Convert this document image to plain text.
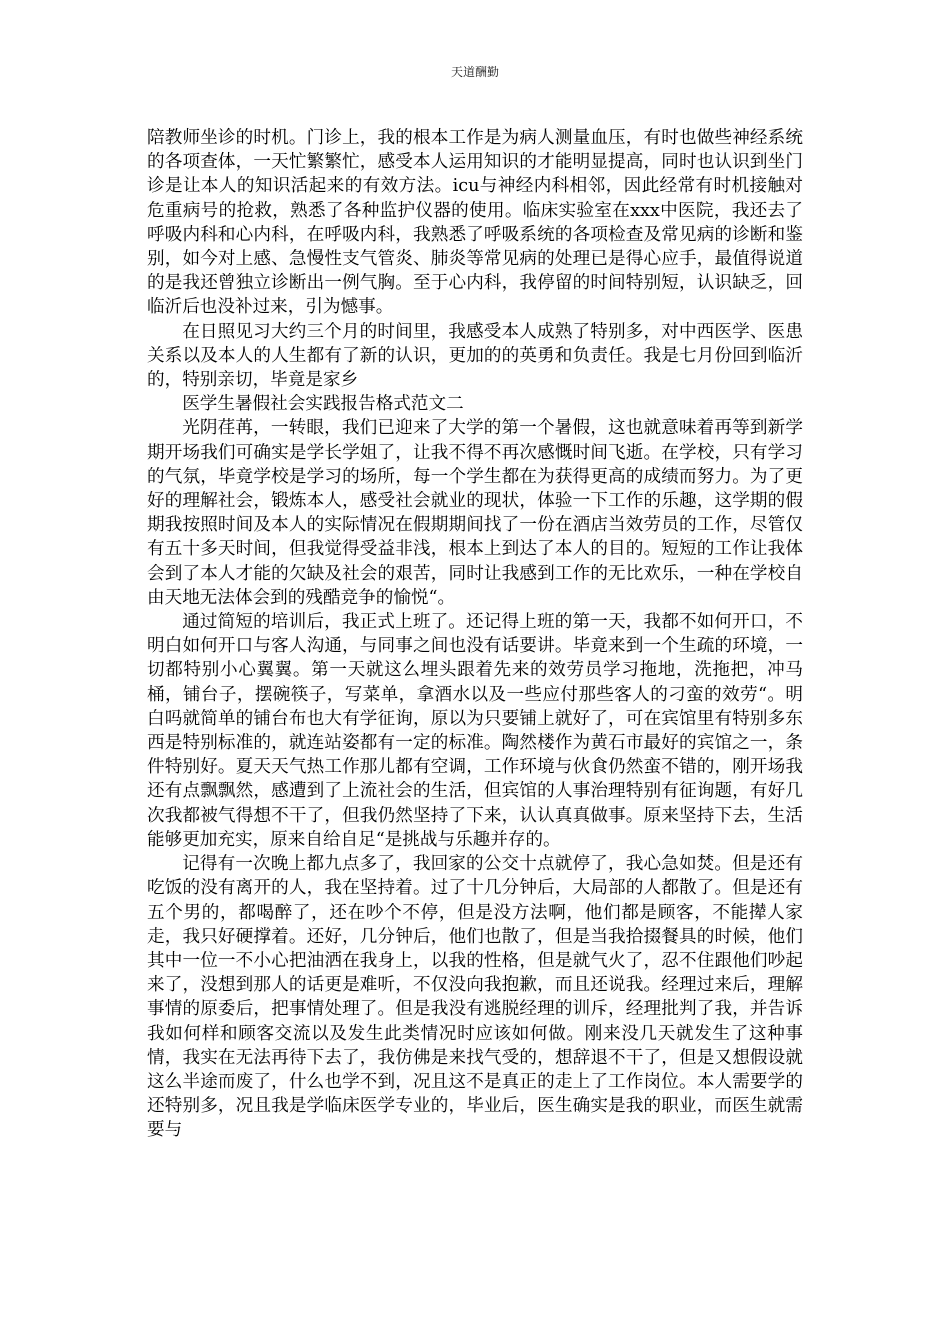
天道酬勤

陪教师坐诊的时机。门诊上，我的根本工作是为病人测量血压，有时也做些神经系统的各项查体，一天忙繁繁忙，感受本人运用知识的才能明显提高，同时也认识到坐门诊是让本人的知识活起来的有效方法。icu与神经内科相邻，因此经常有时机接触对危重病号的抢救，熟悉了各种监护仪器的使用。临床实验室在xxx中医院，我还去了呼吸内科和心内科，在呼吸内科，我熟悉了呼吸系统的各项检查及常见病的诊断和鉴别，如今对上感、急慢性支气管炎、肺炎等常见病的处理已是得心应手，最值得说道的是我还曾独立诊断出一例气胸。至于心内科，我停留的时间特别短，认识缺乏，回临沂后也没补过来，引为憾事。

在日照见习大约三个月的时间里，我感受本人成熟了特别多，对中西医学、医患关系以及本人的人生都有了新的认识，更加的的英勇和负责任。我是七月份回到临沂的，特别亲切，毕竟是家乡

医学生暑假社会实践报告格式范文二

光阴荏苒，一转眼，我们已迎来了大学的第一个暑假，这也就意味着再等到新学期开场我们可确实是学长学姐了，让我不得不再次感慨时间飞逝。在学校，只有学习的气氛，毕竟学校是学习的场所，每一个学生都在为获得更高的成绩而努力。为了更好的理解社会，锻炼本人，感受社会就业的现状，体验一下工作的乐趣，这学期的假期我按照时间及本人的实际情况在假期期间找了一份在酒店当效劳员的工作，尽管仅有五十多天时间，但我觉得受益非浅，根本上到达了本人的目的。短短的工作让我体会到了本人才能的欠缺及社会的艰苦，同时让我感到工作的无比欢乐，一种在学校自由天地无法体会到的残酷竞争的愉悦“。

通过简短的培训后，我正式上班了。还记得上班的第一天，我都不如何开口，不明白如何开口与客人沟通，与同事之间也没有话要讲。毕竟来到一个生疏的环境，一切都特别小心翼翼。第一天就这么埋头跟着先来的效劳员学习拖地，洗拖把，冲马桶，铺台子，摆碗筷子，写菜单，拿酒水以及一些应付那些客人的刁蛮的效劳“。明白吗就简单的铺台布也大有学征询，原以为只要铺上就好了，可在宾馆里有特别多东西是特别标准的，就连站姿都有一定的标准。陶然楼作为黄石市最好的宾馆之一，条件特别好。夏天天气热工作那儿都有空调，工作环境与伙食仍然蛮不错的，刚开场我还有点飘飘然，感遭到了上流社会的生活，但宾馆的人事治理特别有征询题，有好几次我都被气得想不干了，但我仍然坚持了下来，认认真真做事。原来坚持下去，生活能够更加充实，原来自给自足“是挑战与乐趣并存的。

记得有一次晚上都九点多了，我回家的公交十点就停了，我心急如焚。但是还有吃饭的没有离开的人，我在坚持着。过了十几分钟后，大局部的人都散了。但是还有五个男的，都喝醉了，还在吵个不停，但是没方法啊，他们都是顾客，不能撵人家走，我只好硬撑着。还好，几分钟后，他们也散了，但是当我拾掇餐具的时候，他们其中一位一不小心把油洒在我身上，以我的性格，但是就气火了，忍不住跟他们吵起来了，没想到那人的话更是难听，不仅没向我抱歉，而且还说我。经理过来后，理解事情的原委后，把事情处理了。但是我没有逃脱经理的训斥，经理批判了我，并告诉我如何样和顾客交流以及发生此类情况时应该如何做。刚来没几天就发生了这种事情，我实在无法再待下去了，我仿佛是来找气受的，想辞退不干了，但是又想假设就这么半途而废了，什么也学不到，况且这不是真正的走上了工作岗位。本人需要学的还特别多，况且我是学临床医学专业的，毕业后，医生确实是我的职业，而医生就需要与
